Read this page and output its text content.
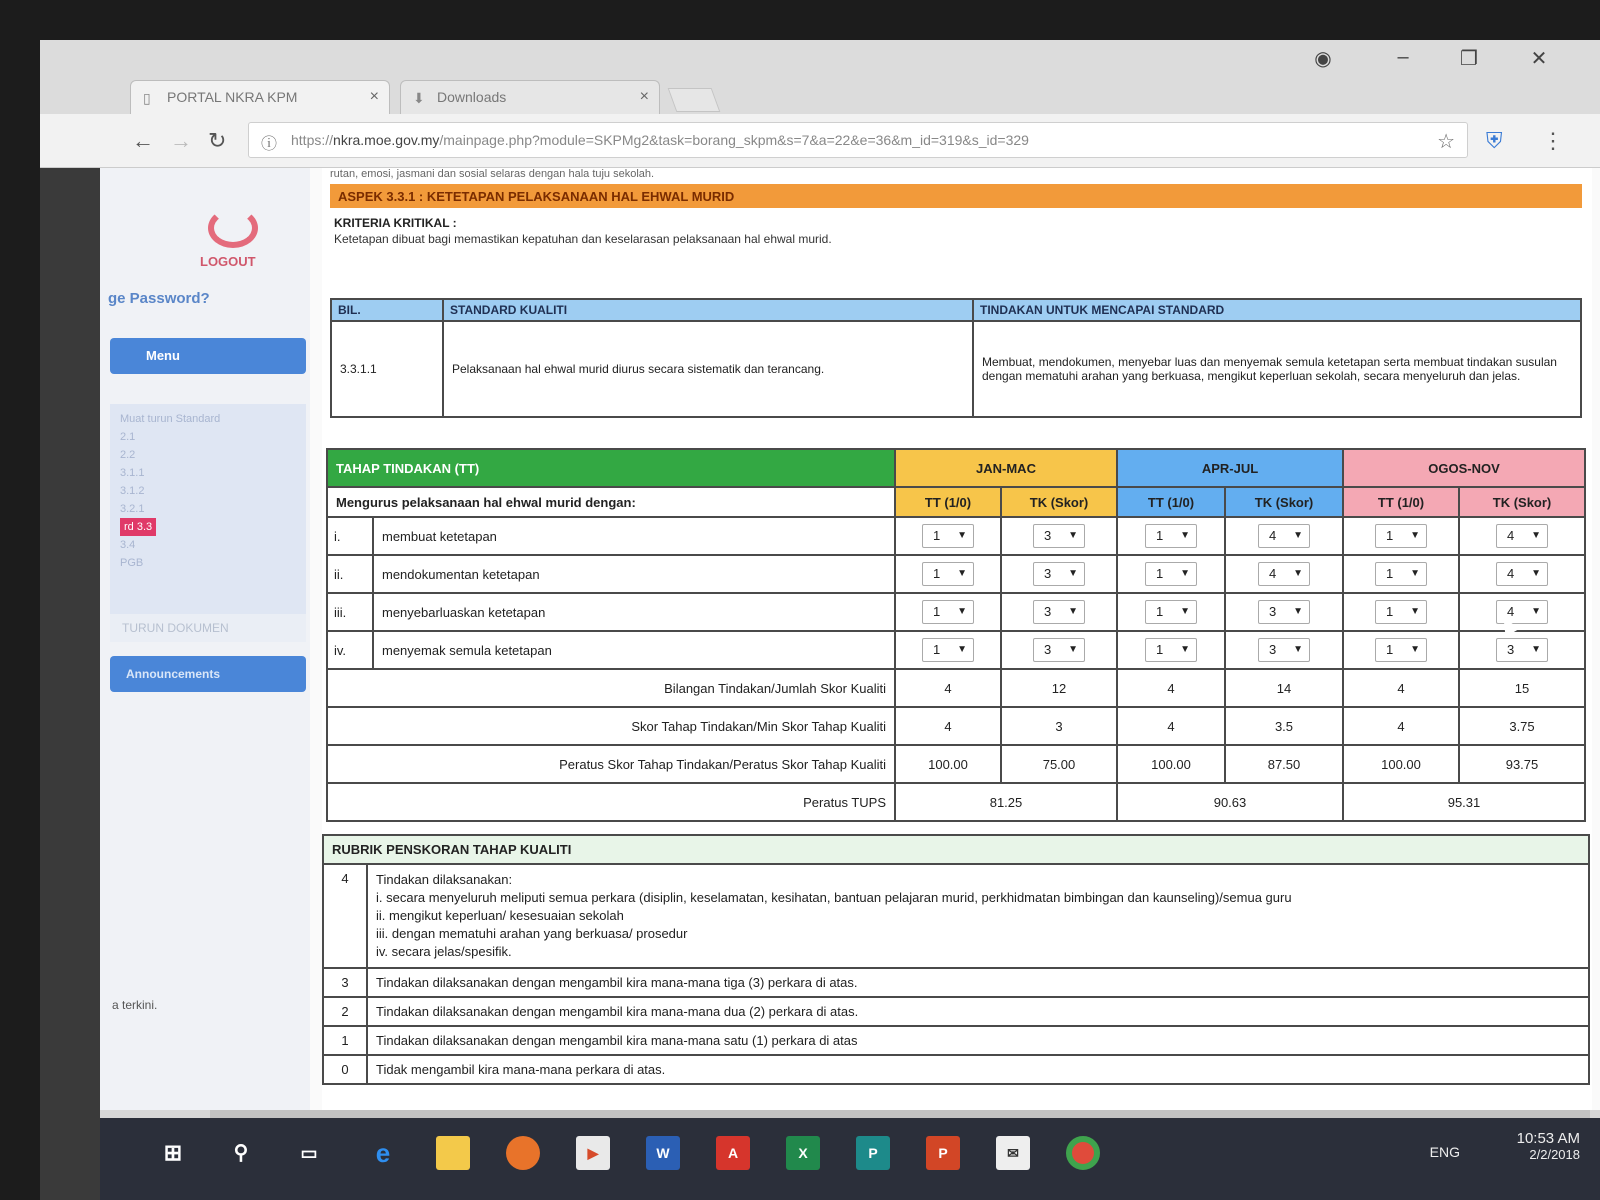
▯ PORTAL NKRA KPM	× ⬇ Downloads	×
◉	–	❐	✕
← → ↻ ⓘ https://nkra.moe.gov.my/mainpage.php?module=SKPMg2&task=borang_skpm&s=7&a=22&e=36&m_id=319&s_id=329	☆ ⛨ ⋮
LOGOUT
ge Password?
Menu
Muat turun Standard
2.1
2.2
3.1.1
3.1.2
3.2.1
rd 3.3
3.4
PGB
TURUN DOKUMEN
Announcements
a terkini.
rutan, emosi, jasmani dan sosial selaras dengan hala tuju sekolah.
ASPEK 3.3.1 : KETETAPAN PELAKSANAAN HAL EHWAL MURID
KRITERIA KRITIKAL :
Ketetapan dibuat bagi memastikan kepatuhan dan keselarasan pelaksanaan hal ehwal murid.
BIL.	STANDARD KUALITI	TINDAKAN UNTUK MENCAPAI STANDARD
3.3.1.1	Pelaksanaan hal ehwal murid diurus secara sistematik dan terancang.	Membuat, mendokumen, menyebar luas dan menyemak semula ketetapan serta membuat tindakan susulan dengan mematuhi arahan yang berkuasa, mengikut keperluan sekolah, secara menyeluruh dan jelas.
TAHAP TINDAKAN (TT)		JAN-MAC		APR-JUL		OGOS-NOV	
Mengurus pelaksanaan hal ehwal murid dengan:		TT (1/0)	TK (Skor)	TT (1/0)	TK (Skor)	TT (1/0)	TK (Skor)
i.	membuat ketetapan	1 ▼	3 ▼	1 ▼	4 ▼	1 ▼	4 ▼

ii.	mendokumentan ketetapan	1 ▼	3 ▼	1 ▼	4 ▼	1 ▼	4 ▼

iii.	menyebarluaskan ketetapan	1 ▼	3 ▼	1 ▼	3 ▼	1 ▼	4 ▼

iv.	menyemak semula ketetapan	1 ▼	3 ▼	1 ▼	3 ▼	1 ▼	3 ▼

Bilangan Tindakan/Jumlah Skor Kualiti		4	12	4	14	4	15
Skor Tahap Tindakan/Min Skor Tahap Kualiti		4	3	4	3.5	4	3.75
Peratus Skor Tahap Tindakan/Peratus Skor Tahap Kualiti		100.00	75.00	100.00	87.50	100.00	93.75
Peratus TUPS		81.25		90.63		95.31	
RUBRIK PENSKORAN TAHAP KUALITI	
4	Tindakan dilaksanakan:
i. secara menyeluruh meliputi semua perkara (disiplin, keselamatan, kesihatan, bantuan pelajaran murid, perkhidmatan bimbingan dan kaunseling)/semua guru
ii. mengikut keperluan/ kesesuaian sekolah
iii. dengan mematuhi arahan yang berkuasa/ prosedur
iv. secara jelas/spesifik.

3	Tindakan dilaksanakan dengan mengambil kira mana-mana tiga (3) perkara di atas.
2	Tindakan dilaksanakan dengan mengambil kira mana-mana dua (2) perkara di atas.
1	Tindakan dilaksanakan dengan mengambil kira mana-mana satu (1) perkara di atas
0	Tidak mengambil kira mana-mana perkara di atas.
⊞	⚲	▭	e	▶	W	A	X	P	P	✉	ENG
10:53 AM
2/2/2018
